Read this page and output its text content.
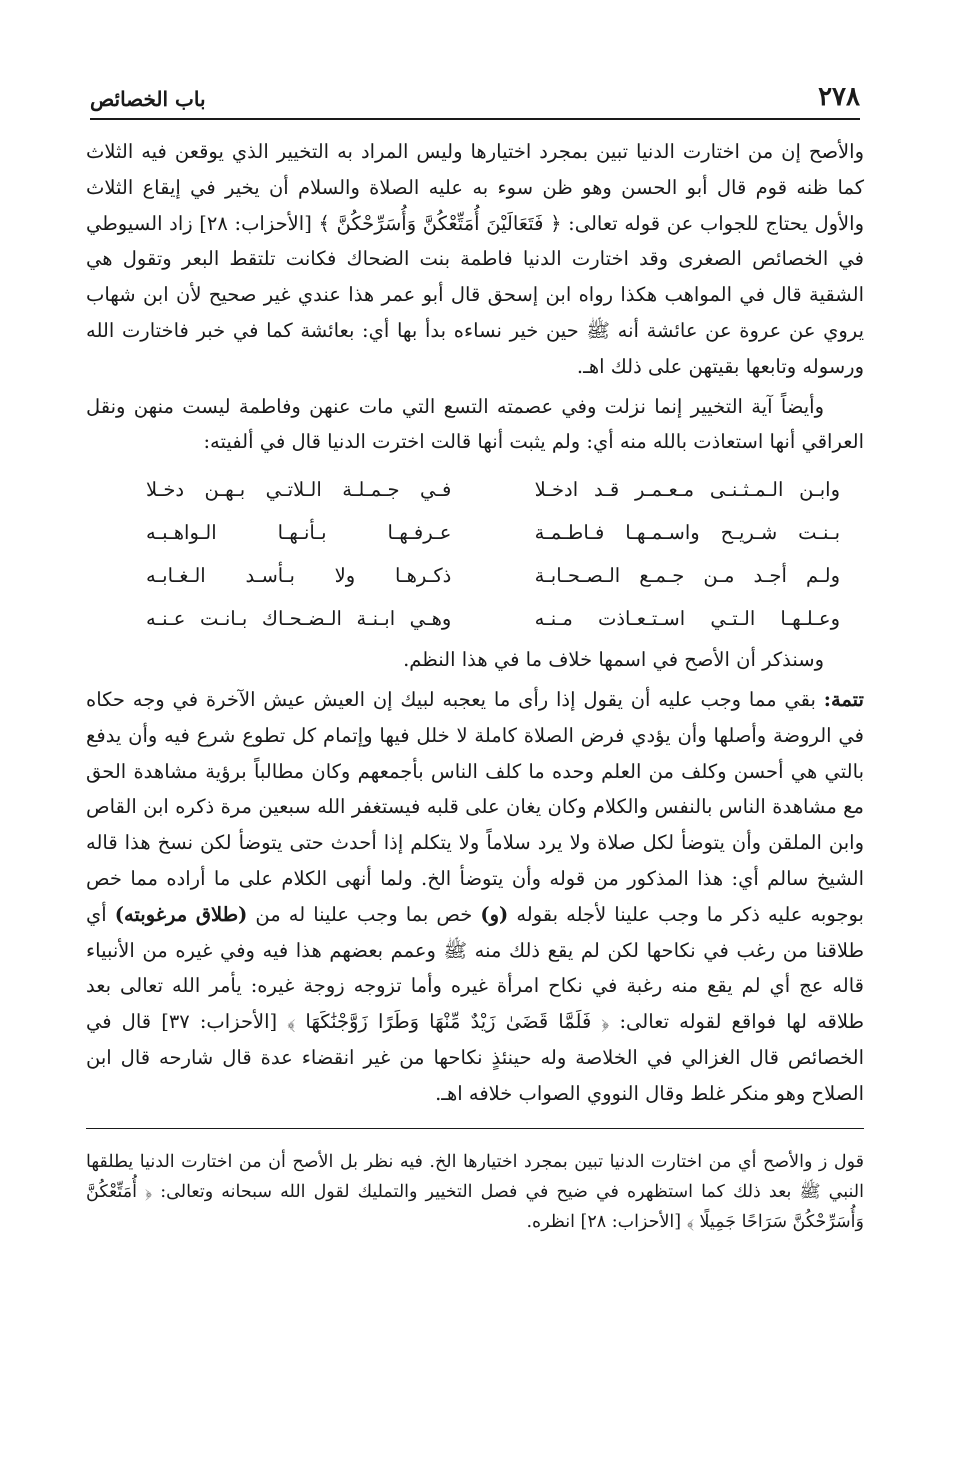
٢٧٨
باب الخصائص

والأصح إن من اختارت الدنيا تبين بمجرد اختيارها وليس المراد به التخيير الذي يوقعن فيه الثلاث كما ظنه قوم قال أبو الحسن وهو ظن سوء به عليه الصلاة والسلام أن يخير في إيقاع الثلاث والأول يحتاج للجواب عن قوله تعالى: ﴿ فَتَعَالَيْنَ أُمَتِّعْكُنَّ وَأُسَرِّحْكُنَّ ﴾ [الأحزاب: ٢٨] زاد السيوطي في الخصائص الصغرى وقد اختارت الدنيا فاطمة بنت الضحاك فكانت تلتقط البعر وتقول هي الشقية قال في المواهب هكذا رواه ابن إسحق قال أبو عمر هذا عندي غير صحيح لأن ابن شهاب يروي عن عروة عن عائشة أنه ﷺ حين خير نساءه بدأ بها أي: بعائشة كما في خبر فاختارت الله ورسوله وتابعها بقيتهن على ذلك اهـ.

وأيضاً آية التخيير إنما نزلت وفي عصمته التسع التي مات عنهن وفاطمة ليست منهن ونقل العراقي أنها استعاذت بالله منه أي: ولم يثبت أنها قالت اخترت الدنيا قال في ألفيته:

وابـن الـمـثـنـى مـعـمـر قـد ادخـلا
فـي جـمـلـة الـلاتـي بـهـن دخـلا
بـنـت شـريـح واسـمـهـا فـاطـمـة
عـرفـهـا بـأنـهـا الـواهـبـه
ولـم أجـد مـن جـمـع الـصـحـابـة
ذكـرهـا ولا بـأسـد الـغـابـه
وعـلـهـا الـتـي اسـتـعـاذت مـنـه
وهـي ابـنـة الـضـحـاك بـانـت عـنـه

وسنذكر أن الأصح في اسمها خلاف ما في هذا النظم.

تتمة: بقي مما وجب عليه أن يقول إذا رأى ما يعجبه لبيك إن العيش عيش الآخرة في وجه حكاه في الروضة وأصلها وأن يؤدي فرض الصلاة كاملة لا خلل فيها وإتمام كل تطوع شرع فيه وأن يدفع بالتي هي أحسن وكلف من العلم وحده ما كلف الناس بأجمعهم وكان مطالباً برؤية مشاهدة الحق مع مشاهدة الناس بالنفس والكلام وكان يغان على قلبه فيستغفر الله سبعين مرة ذكره ابن القاص وابن الملقن وأن يتوضأ لكل صلاة ولا يرد سلاماً ولا يتكلم إذا أحدث حتى يتوضأ لكن نسخ هذا قاله الشيخ سالم أي: هذا المذكور من قوله وأن يتوضأ الخ. ولما أنهى الكلام على ما أراده مما خص بوجوبه عليه ذكر ما وجب علينا لأجله بقوله (و) خص بما وجب علينا له من (طلاق مرغوبته) أي طلاقنا من رغب في نكاحها لكن لم يقع ذلك منه ﷺ وعمم بعضهم هذا فيه وفي غيره من الأنبياء قاله عج أي لم يقع منه رغبة في نكاح امرأة غيره وأما تزوجه زوجة غيره: يأمر الله تعالى بعد طلاقه لها فواقع لقوله تعالى: ﴿ فَلَمَّا قَضَىٰ زَيْدٌ مِّنْهَا وَطَرًا زَوَّجْنَٰكَهَا ﴾ [الأحزاب: ٣٧] قال في الخصائص قال الغزالي في الخلاصة وله حينئذٍ نكاحها من غير انقضاء عدة قال شارحه قال ابن الصلاح وهو منكر غلط وقال النووي الصواب خلافه اهـ.

قول ز والأصح أي من اختارت الدنيا تبين بمجرد اختيارها الخ. فيه نظر بل الأصح أن من اختارت الدنيا يطلقها النبي ﷺ بعد ذلك كما استظهره في ضيح في فصل التخيير والتمليك لقول الله سبحانه وتعالى: ﴿ أُمَتِّعْكُنَّ وَأُسَرِّحْكُنَّ سَرَاحًا جَمِيلًا ﴾ [الأحزاب: ٢٨] انظره.
